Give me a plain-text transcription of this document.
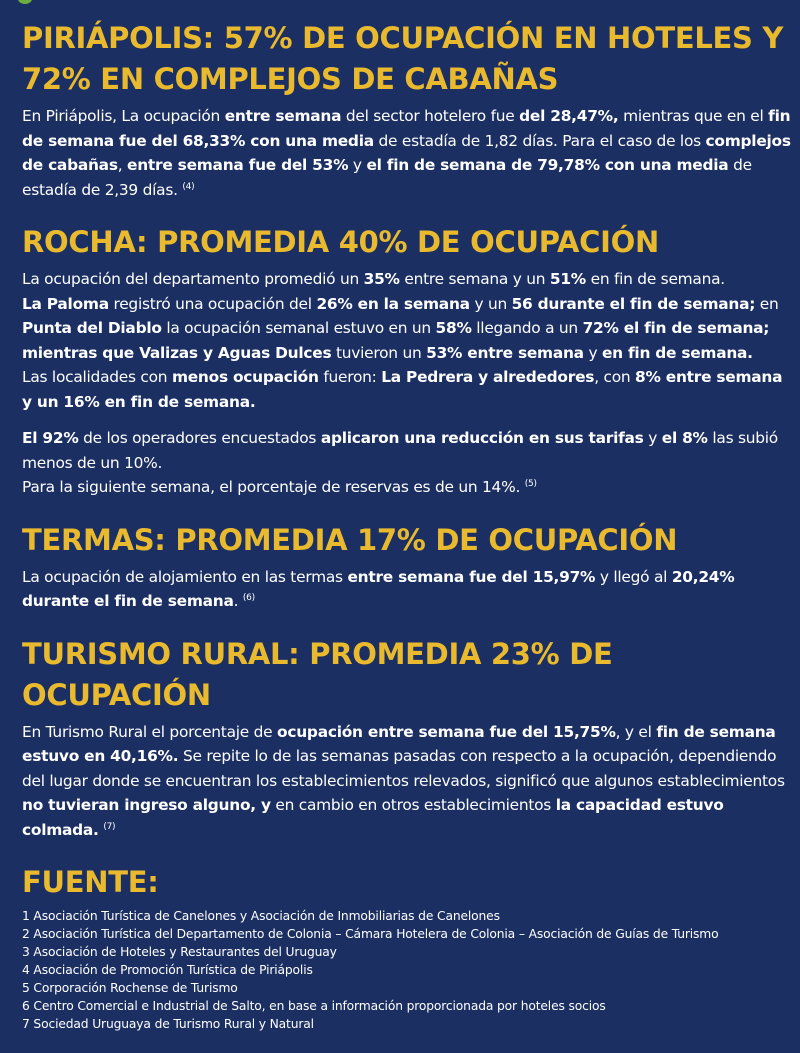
PIRIÁPOLIS: 57% DE OCUPACIÓN EN HOTELES Y 72% EN COMPLEJOS DE CABAÑAS

En Piriápolis, La ocupación entre semana del sector hotelero fue del 28,47%, mientras que en el fin de semana fue del 68,33% con una media de estadía de 1,82 días. Para el caso de los complejos de cabañas, entre semana fue del 53% y el fin de semana de 79,78% con una media de estadía de 2,39 días. $^{(4)}$

ROCHA: PROMEDIA 40% DE OCUPACIÓN

La ocupación del departamento promedió un 35% entre semana y un 51% en fin de semana.
La Paloma registró una ocupación del 26% en la semana y un 56 durante el fin de semana; en Punta del Diablo la ocupación semanal estuvo en un 58% llegando a un 72% el fin de semana; mientras que Valizas y Aguas Dulces tuvieron un 53% entre semana y en fin de semana.
Las localidades con menos ocupación fueron: La Pedrera y alrededores, con 8% entre semana y un 16% en fin de semana.

El 92% de los operadores encuestados aplicaron una reducción en sus tarifas y el 8% las subió menos de un 10%.
Para la siguiente semana, el porcentaje de reservas es de un 14%. $^{(5)}$

TERMAS: PROMEDIA 17% DE OCUPACIÓN

La ocupación de alojamiento en las termas entre semana fue del 15,97% y llegó al 20,24% durante el fin de semana. $^{(6)}$

TURISMO RURAL: PROMEDIA 23% DE OCUPACIÓN

En Turismo Rural el porcentaje de ocupación entre semana fue del 15,75%, y el fin de semana estuvo en 40,16%. Se repite lo de las semanas pasadas con respecto a la ocupación, dependiendo del lugar donde se encuentran los establecimientos relevados, significó que algunos establecimientos no tuvieran ingreso alguno, y en cambio en otros establecimientos la capacidad estuvo colmada. $^{(7)}$

FUENTE:
1 Asociación Turística de Canelones y Asociación de Inmobiliarias de Canelones
2 Asociación Turística del Departamento de Colonia – Cámara Hotelera de Colonia – Asociación de Guías de Turismo
3 Asociación de Hoteles y Restaurantes del Uruguay
4 Asociación de Promoción Turística de Piriápolis
5 Corporación Rochense de Turismo
6 Centro Comercial e Industrial de Salto, en base a información proporcionada por hoteles socios
7 Sociedad Uruguaya de Turismo Rural y Natural
